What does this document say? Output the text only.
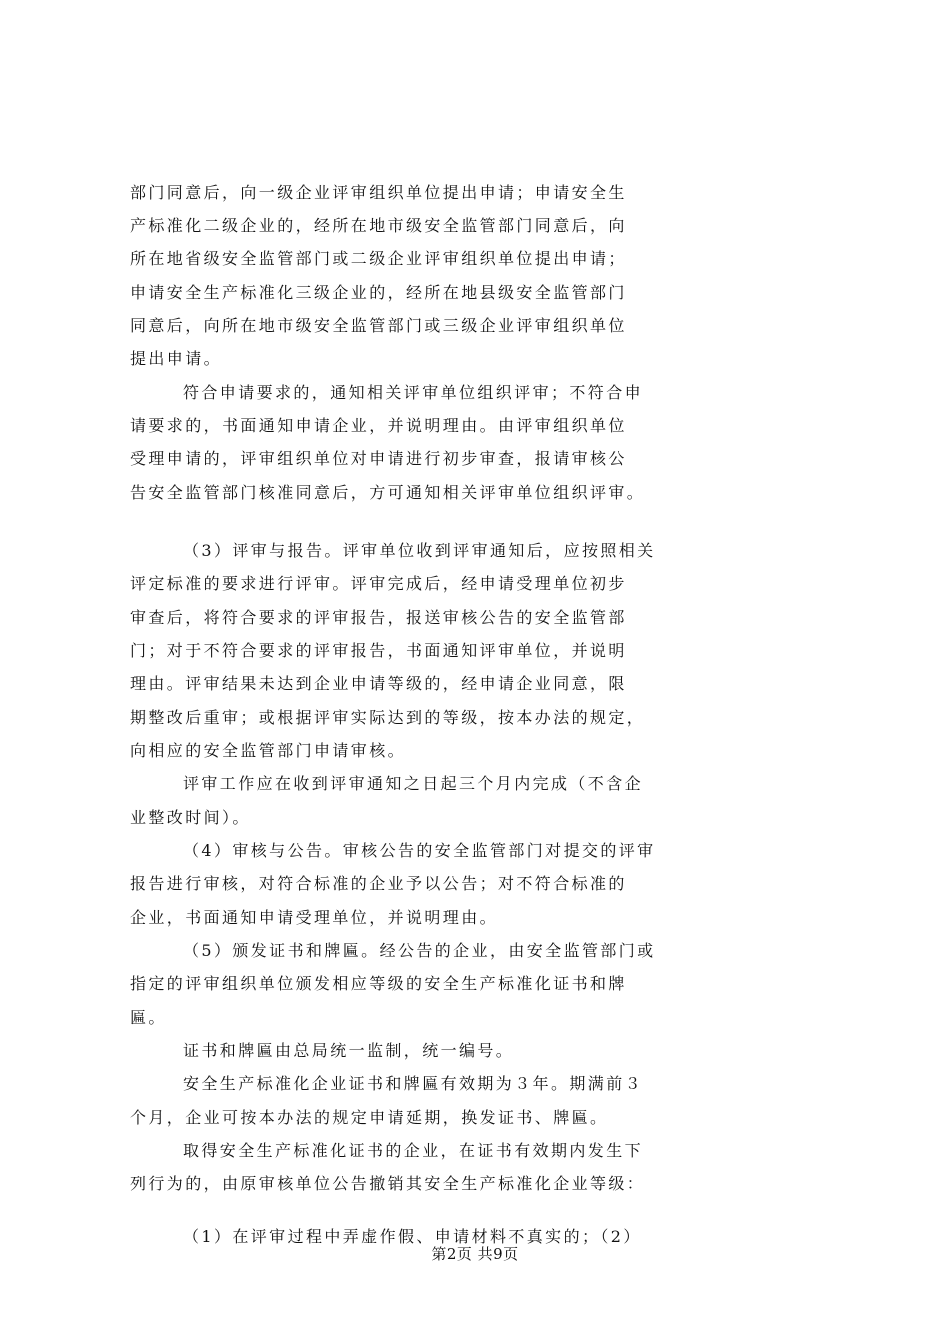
部门同意后，向一级企业评审组织单位提出申请；申请安全生
产标准化二级企业的，经所在地市级安全监管部门同意后，向
所在地省级安全监管部门或二级企业评审组织单位提出申请；
申请安全生产标准化三级企业的，经所在地县级安全监管部门
同意后，向所在地市级安全监管部门或三级企业评审组织单位
提出申请。
符合申请要求的，通知相关评审单位组织评审；不符合申
请要求的，书面通知申请企业，并说明理由。由评审组织单位
受理申请的，评审组织单位对申请进行初步审查，报请审核公
告安全监管部门核准同意后，方可通知相关评审单位组织评审。
（3）评审与报告。评审单位收到评审通知后，应按照相关
评定标准的要求进行评审。评审完成后，经申请受理单位初步
审查后，将符合要求的评审报告，报送审核公告的安全监管部
门；对于不符合要求的评审报告，书面通知评审单位，并说明
理由。评审结果未达到企业申请等级的，经申请企业同意，限
期整改后重审；或根据评审实际达到的等级，按本办法的规定，
向相应的安全监管部门申请审核。
评审工作应在收到评审通知之日起三个月内完成（不含企
业整改时间）。
（4）审核与公告。审核公告的安全监管部门对提交的评审
报告进行审核，对符合标准的企业予以公告；对不符合标准的
企业，书面通知申请受理单位，并说明理由。
（5）颁发证书和牌匾。经公告的企业，由安全监管部门或
指定的评审组织单位颁发相应等级的安全生产标准化证书和牌
匾。
证书和牌匾由总局统一监制，统一编号。
安全生产标准化企业证书和牌匾有效期为３年。期满前３
个月，企业可按本办法的规定申请延期，换发证书、牌匾。
取得安全生产标准化证书的企业，在证书有效期内发生下
列行为的，由原审核单位公告撤销其安全生产标准化企业等级：
（1）在评审过程中弄虚作假、申请材料不真实的；（2）
第2页 共9页
